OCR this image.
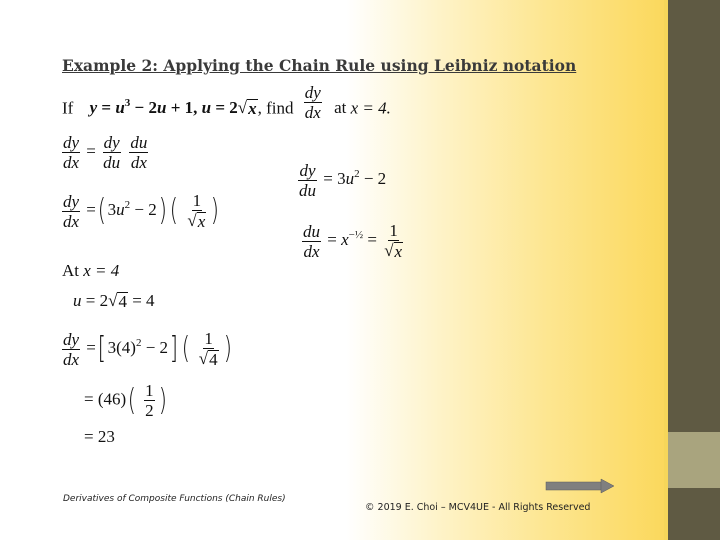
Example 2: Applying the Chain Rule using Leibniz notation
If $y = u^3 - 2u + 1$, u = 2 √ x , find $\frac{dy}{dx}$ at x = 4.
$\frac{dy}{dx} = \frac{dy}{du}$
$\frac{du}{dx}$
$\frac{dy}{du} = 3u^2 - 2$
$\frac{dy}{dx}$ =( $3u^2 - 2$) ( $\frac{1}{√ x}$ )
$\frac{du}{dx} = x^{-\frac{1}{2}} = \frac{1}{√ x}$
At x = 4
u = 2 √ 4 = 4
$\frac{dy}{dx}$ =[ $3(4)^2 - 2$] ( $\frac{1}{√ 4}$ )
= $(46)( \frac{1}{2}$ )
= 23
Derivatives of Composite Functions (Chain Rules)
© 2019 E. Choi – MCV4UE - All Rights Reserved
